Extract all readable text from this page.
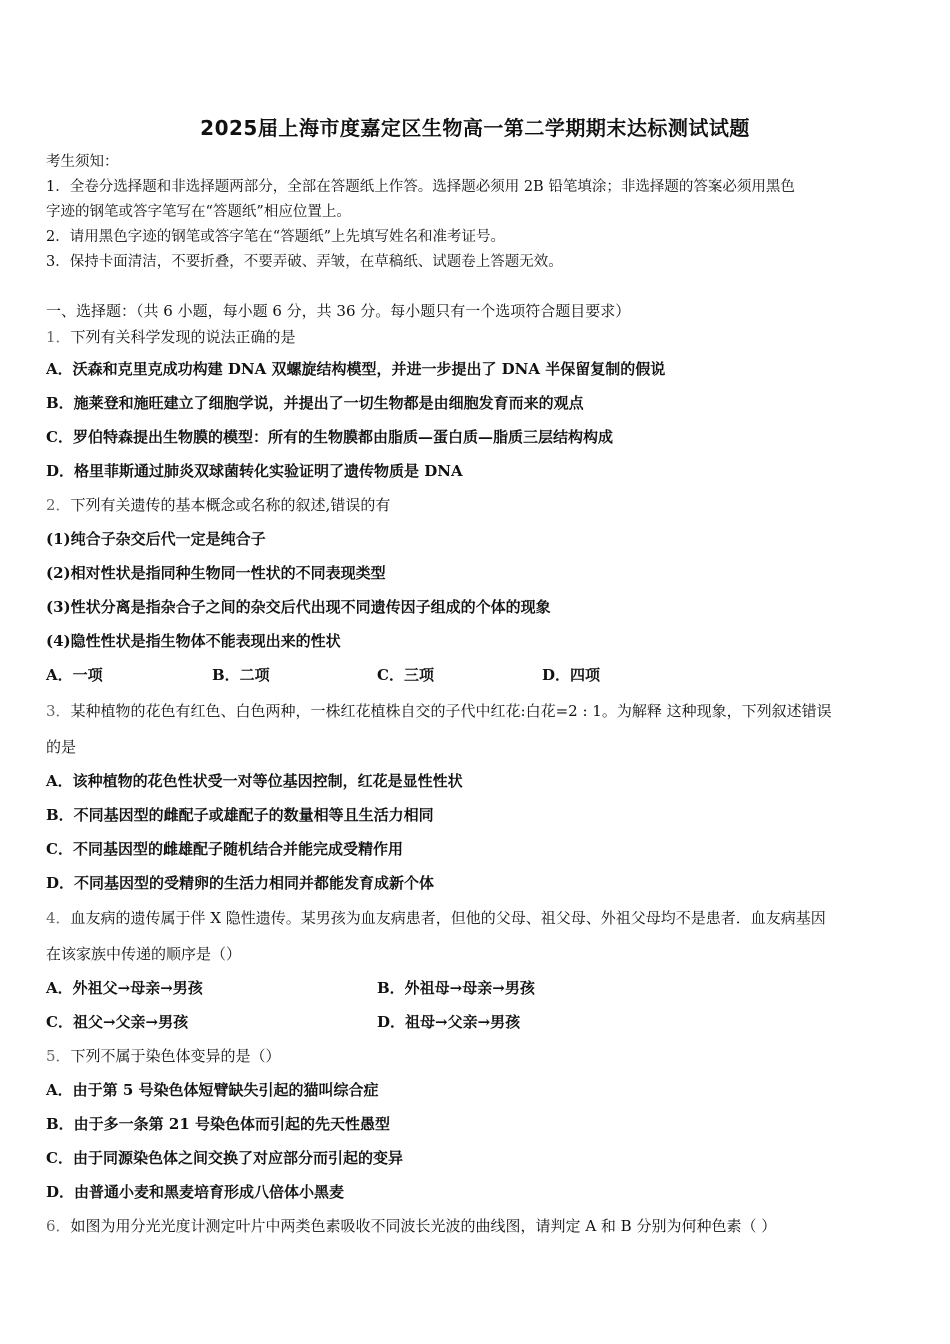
2025届上海市度嘉定区生物高一第二学期期末达标测试试题
考生须知：
1．全卷分选择题和非选择题两部分，全部在答题纸上作答。选择题必须用 2B 铅笔填涂；非选择题的答案必须用黑色
字迹的钢笔或答字笔写在“答题纸”相应位置上。
2．请用黑色字迹的钢笔或答字笔在“答题纸”上先填写姓名和准考证号。
3．保持卡面清洁，不要折叠，不要弄破、弄皱，在草稿纸、试题卷上答题无效。
一、选择题：（共 6 小题，每小题 6 分，共 36 分。每小题只有一个选项符合题目要求）
1．下列有关科学发现的说法正确的是
A．沃森和克里克成功构建 DNA 双螺旋结构模型，并进一步提出了 DNA 半保留复制的假说
B．施莱登和施旺建立了细胞学说，并提出了一切生物都是由细胞发育而来的观点
C．罗伯特森提出生物膜的模型：所有的生物膜都由脂质—蛋白质—脂质三层结构构成
D．格里菲斯通过肺炎双球菌转化实验证明了遗传物质是 DNA
2．下列有关遗传的基本概念或名称的叙述,错误的有
(1)纯合子杂交后代一定是纯合子
(2)相对性状是指同种生物同一性状的不同表现类型
(3)性状分离是指杂合子之间的杂交后代出现不同遗传因子组成的个体的现象
(4)隐性性状是指生物体不能表现出来的性状
A．一项	B．二项	C．三项	D．四项
3．某种植物的花色有红色、白色两种，一株红花植株自交的子代中红花:白花=2 : 1。为解释 这种现象，下列叙述错误
的是
A．该种植物的花色性状受一对等位基因控制，红花是显性性状
B．不同基因型的雌配子或雄配子的数量相等且生活力相同
C．不同基因型的雌雄配子随机结合并能完成受精作用
D．不同基因型的受精卵的生活力相同并都能发育成新个体
4．血友病的遗传属于伴 X 隐性遗传。某男孩为血友病患者，但他的父母、祖父母、外祖父母均不是患者．血友病基因
在该家族中传递的顺序是（）
A．外祖父→母亲→男孩	B．外祖母→母亲→男孩
C．祖父→父亲→男孩	D．祖母→父亲→男孩
5．下列不属于染色体变异的是（）
A．由于第 5 号染色体短臂缺失引起的猫叫综合症
B．由于多一条第 21 号染色体而引起的先天性愚型
C．由于同源染色体之间交换了对应部分而引起的变异
D．由普通小麦和黑麦培育形成八倍体小黑麦
6．如图为用分光光度计测定叶片中两类色素吸收不同波长光波的曲线图，请判定 A 和 B 分别为何种色素（ ）
